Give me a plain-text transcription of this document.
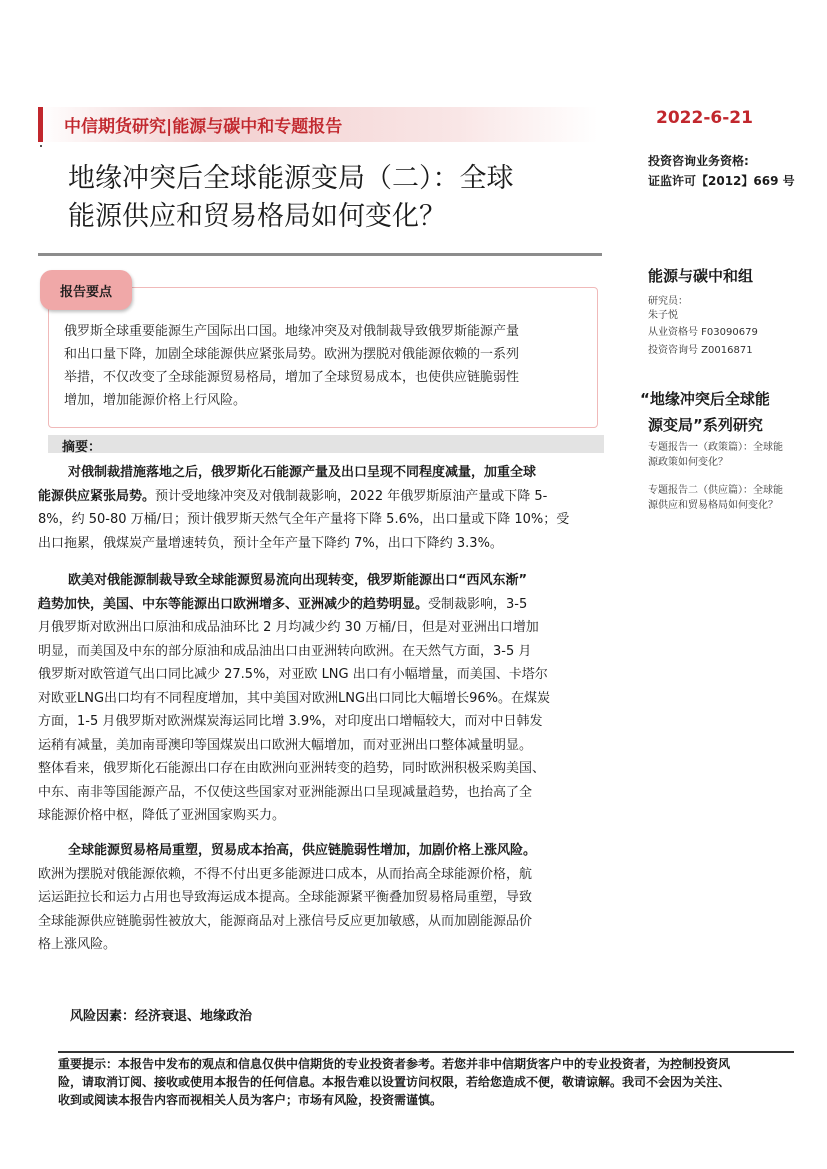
中信期货研究|能源与碳中和专题报告	2022-6-21
投资咨询业务资格:
证监许可【2012】669 号
地缘冲突后全球能源变局（二）：全球
能源供应和贸易格局如何变化？
能源与碳中和组
研究员：
朱子悦
从业资格号 F03090679
投资咨询号 Z0016871
“地缘冲突后全球能
源变局”系列研究
专题报告一（政策篇）：全球能
源政策如何变化？
专题报告二（供应篇）：全球能
源供应和贸易格局如何变化？
报告要点
俄罗斯全球重要能源生产国际出口国。地缘冲突及对俄制裁导致俄罗斯能源产量
和出口量下降，加剧全球能源供应紧张局势。欧洲为摆脱对俄能源依赖的一系列
举措，不仅改变了全球能源贸易格局，增加了全球贸易成本，也使供应链脆弱性
增加，增加能源价格上行风险。
摘要：
对俄制裁措施落地之后，俄罗斯化石能源产量及出口呈现不同程度减量，加重全球
能源供应紧张局势。预计受地缘冲突及对俄制裁影响，2022 年俄罗斯原油产量或下降 5-
8%，约 50-80 万桶/日；预计俄罗斯天然气全年产量将下降 5.6%，出口量或下降 10%；受
出口拖累，俄煤炭产量增速转负，预计全年产量下降约 7%，出口下降约 3.3%。
欧美对俄能源制裁导致全球能源贸易流向出现转变，俄罗斯能源出口“西风东渐”
趋势加快，美国、中东等能源出口欧洲增多、亚洲减少的趋势明显。受制裁影响，3-5
月俄罗斯对欧洲出口原油和成品油环比 2 月均减少约 30 万桶/日，但是对亚洲出口增加
明显，而美国及中东的部分原油和成品油出口由亚洲转向欧洲。在天然气方面，3-5 月
俄罗斯对欧管道气出口同比减少 27.5%，对亚欧 LNG 出口有小幅增量，而美国、卡塔尔
对欧亚LNG出口均有不同程度增加，其中美国对欧洲LNG出口同比大幅增长96%。在煤炭
方面，1-5 月俄罗斯对欧洲煤炭海运同比增 3.9%，对印度出口增幅较大，而对中日韩发
运稍有减量，美加南哥澳印等国煤炭出口欧洲大幅增加，而对亚洲出口整体减量明显。
整体看来，俄罗斯化石能源出口存在由欧洲向亚洲转变的趋势，同时欧洲积极采购美国、
中东、南非等国能源产品，不仅使这些国家对亚洲能源出口呈现减量趋势，也抬高了全
球能源价格中枢，降低了亚洲国家购买力。
全球能源贸易格局重塑，贸易成本抬高，供应链脆弱性增加，加剧价格上涨风险。
欧洲为摆脱对俄能源依赖，不得不付出更多能源进口成本，从而抬高全球能源价格，航
运运距拉长和运力占用也导致海运成本提高。全球能源紧平衡叠加贸易格局重塑，导致
全球能源供应链脆弱性被放大，能源商品对上涨信号反应更加敏感，从而加剧能源品价
格上涨风险。
风险因素：经济衰退、地缘政治
重要提示：本报告中发布的观点和信息仅供中信期货的专业投资者参考。若您并非中信期货客户中的专业投资者，为控制投资风
险，请取消订阅、接收或使用本报告的任何信息。本报告难以设置访问权限，若给您造成不便，敬请谅解。我司不会因为关注、
收到或阅读本报告内容而视相关人员为客户；市场有风险，投资需谨慎。
